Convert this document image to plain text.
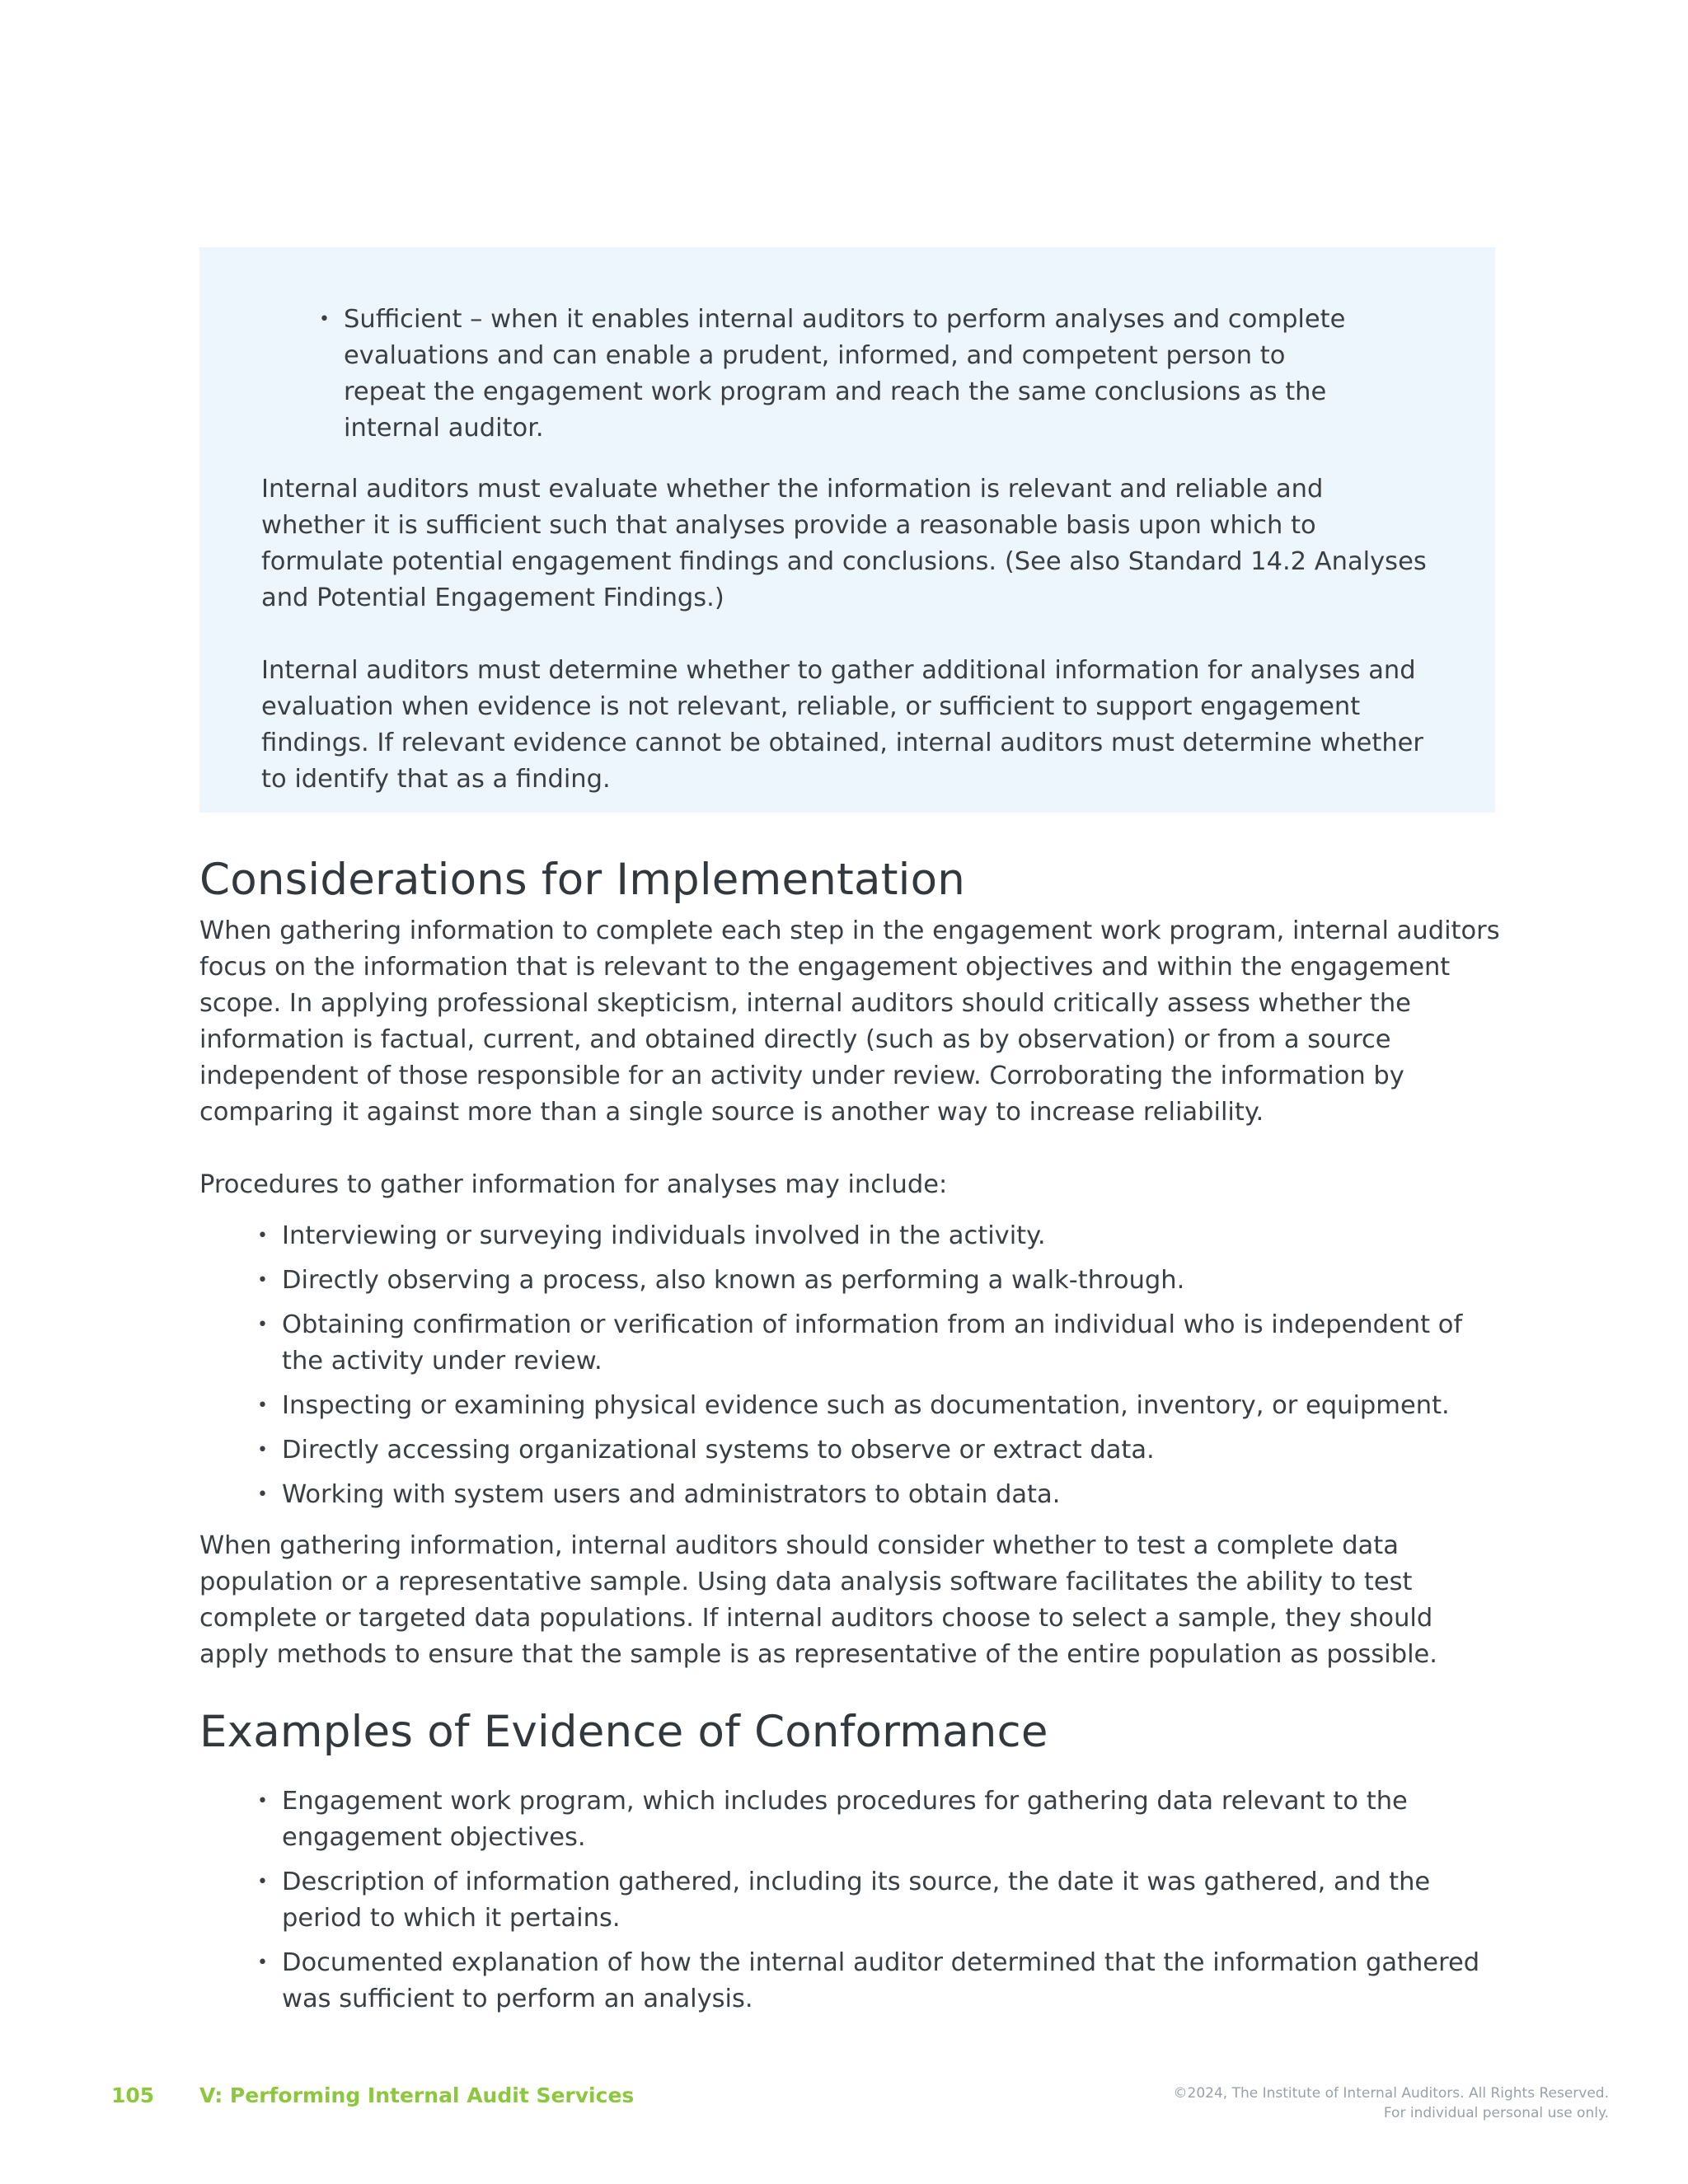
• Sufficient – when it enables internal auditors to perform analyses and complete evaluations and can enable a prudent, informed, and competent person to repeat the engagement work program and reach the same conclusions as the internal auditor.

Internal auditors must evaluate whether the information is relevant and reliable and whether it is sufficient such that analyses provide a reasonable basis upon which to formulate potential engagement findings and conclusions. (See also Standard 14.2 Analyses and Potential Engagement Findings.)

Internal auditors must determine whether to gather additional information for analyses and evaluation when evidence is not relevant, reliable, or sufficient to support engagement findings. If relevant evidence cannot be obtained, internal auditors must determine whether to identify that as a finding.

Considerations for Implementation

When gathering information to complete each step in the engagement work program, internal auditors focus on the information that is relevant to the engagement objectives and within the engagement scope. In applying professional skepticism, internal auditors should critically assess whether the information is factual, current, and obtained directly (such as by observation) or from a source independent of those responsible for an activity under review. Corroborating the information by comparing it against more than a single source is another way to increase reliability.

Procedures to gather information for analyses may include:

• Interviewing or surveying individuals involved in the activity.
• Directly observing a process, also known as performing a walk-through.
• Obtaining confirmation or verification of information from an individual who is independent of the activity under review.
• Inspecting or examining physical evidence such as documentation, inventory, or equipment.
• Directly accessing organizational systems to observe or extract data.
• Working with system users and administrators to obtain data.

When gathering information, internal auditors should consider whether to test a complete data population or a representative sample. Using data analysis software facilitates the ability to test complete or targeted data populations. If internal auditors choose to select a sample, they should apply methods to ensure that the sample is as representative of the entire population as possible.

Examples of Evidence of Conformance
• Engagement work program, which includes procedures for gathering data relevant to the engagement objectives.
• Description of information gathered, including its source, the date it was gathered, and the period to which it pertains.
• Documented explanation of how the internal auditor determined that the information gathered was sufficient to perform an analysis.
105 V: Performing Internal Audit Services	©2024, The Institute of Internal Auditors. All Rights Reserved.
For individual personal use only.
